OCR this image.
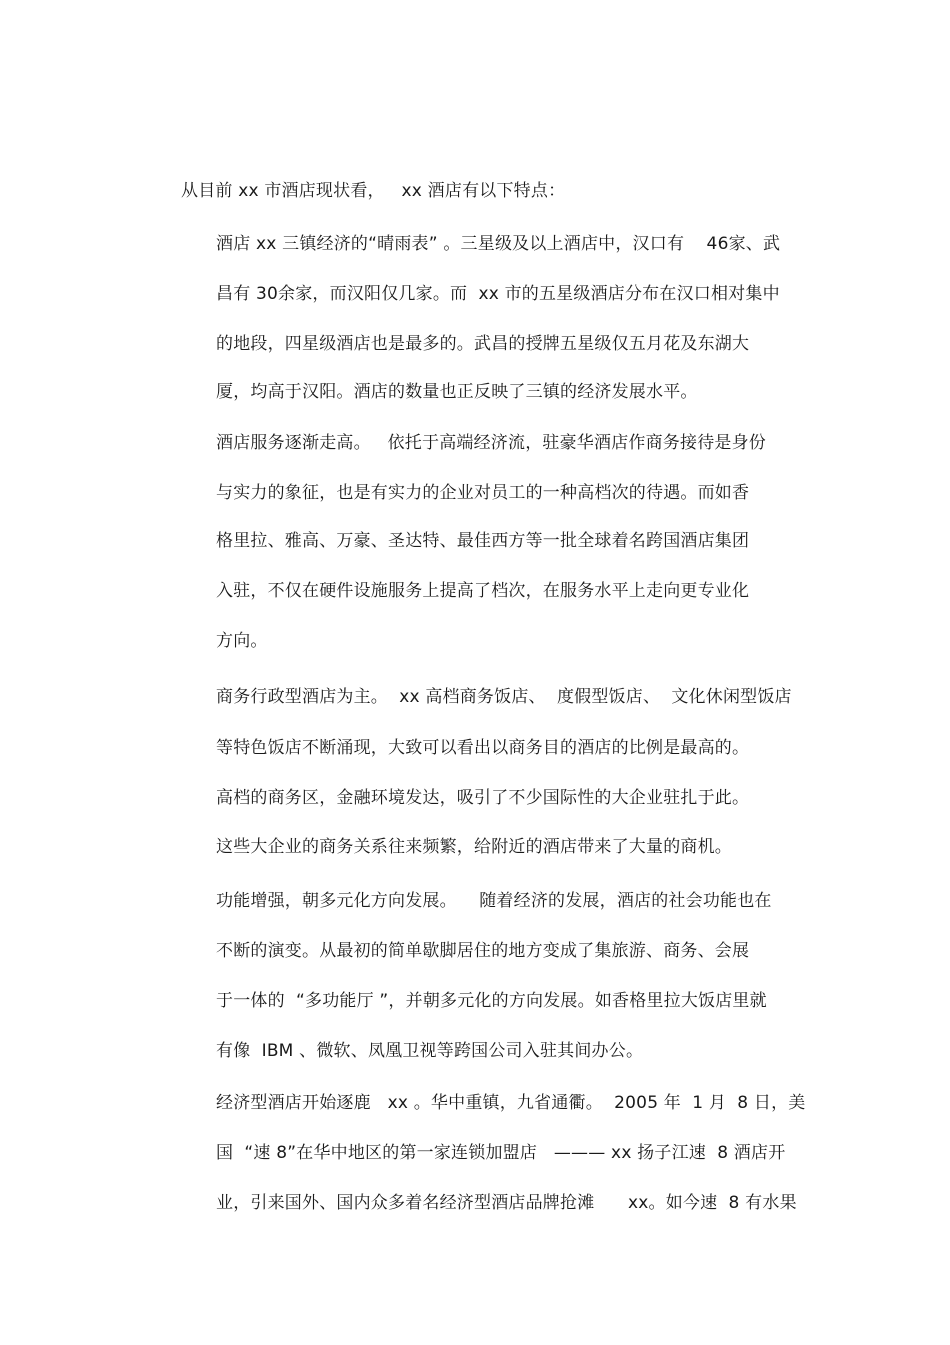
从目前 xx 市酒店现状看，   xx 酒店有以下特点：
酒店 xx 三镇经济的“晴雨表” 。三星级及以上酒店中，汉口有    46家、武
昌有 30余家，而汉阳仅几家。而  xx 市的五星级酒店分布在汉口相对集中
的地段，四星级酒店也是最多的。武昌的授牌五星级仅五月花及东湖大
厦，均高于汉阳。酒店的数量也正反映了三镇的经济发展水平。
酒店服务逐渐走高。   依托于高端经济流，驻豪华酒店作商务接待是身份
与实力的象征，也是有实力的企业对员工的一种高档次的待遇。而如香
格里拉、雅高、万豪、圣达特、最佳西方等一批全球着名跨国酒店集团
入驻，不仅在硬件设施服务上提高了档次，在服务水平上走向更专业化
方向。
商务行政型酒店为主。  xx 高档商务饭店、  度假型饭店、  文化休闲型饭店
等特色饭店不断涌现，大致可以看出以商务目的酒店的比例是最高的。
高档的商务区，金融环境发达，吸引了不少国际性的大企业驻扎于此。
这些大企业的商务关系往来频繁，给附近的酒店带来了大量的商机。
功能增强，朝多元化方向发展。    随着经济的发展，酒店的社会功能也在
不断的演变。从最初的简单歇脚居住的地方变成了集旅游、商务、会展
于一体的  “多功能厅 ”，并朝多元化的方向发展。如香格里拉大饭店里就
有像  IBM 、微软、凤凰卫视等跨国公司入驻其间办公。
经济型酒店开始逐鹿   xx 。华中重镇，九省通衢。  2005 年  1 月  8 日，美
国  “速 8”在华中地区的第一家连锁加盟店   ——— xx 扬子江速  8 酒店开
业，引来国外、国内众多着名经济型酒店品牌抢滩      xx。如今速  8 有水果
